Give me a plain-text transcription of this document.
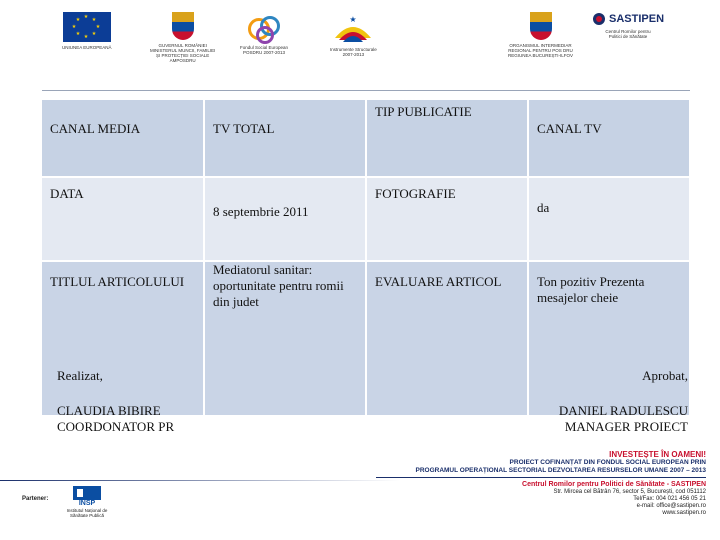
★
★
★
★
★
★
★
★
UNIUNEA EUROPEANĂ	GUVERNUL ROMÂNIEI
MINISTERUL MUNCII, FAMILIEI
ȘI PROTECȚIEI SOCIALE
AMPOSDRU
Fondul Social European
POSDRU 2007-2013
★
Instrumente Structurale
2007-2013
ORGANISMUL INTERMEDIAR
REGIONAL PENTRU POS DRU
REGIUNEA BUCUREȘTI-ILFOV
SASTIPEN
Centrul Romilor pentru
Politici de Sănătate
CANAL MEDIA	TV TOTAL	TIP PUBLICATIE	CANAL TV
DATA	8 septembrie 2011	FOTOGRAFIE	da
TITLUL ARTICOLULUI	Mediatorul sanitar: oportunitate pentru romii din judet	EVALUARE ARTICOL	Ton pozitiv Prezenta mesajelor cheie
Realizat,
CLAUDIA BIBIRE
COORDONATOR PR
Aprobat,
DANIEL RADULESCU
MANAGER PROIECT
INVESTEȘTE ÎN OAMENI!
PROIECT COFINANȚAT DIN FONDUL SOCIAL EUROPEAN PRIN
PROGRAMUL OPERAȚIONAL SECTORIAL DEZVOLTAREA RESURSELOR UMANE 2007 – 2013
Centrul Romilor pentru Politici de Sănătate - SASTIPEN
Str. Mircea cel Bătrân 76, sector 5, București, cod 051112
Tel/Fax: 004 021 456 05 21
e-mail: office@sastipen.ro
www.sastipen.ro
Partener:
INSP
Institutul Național de Sănătate Publică
